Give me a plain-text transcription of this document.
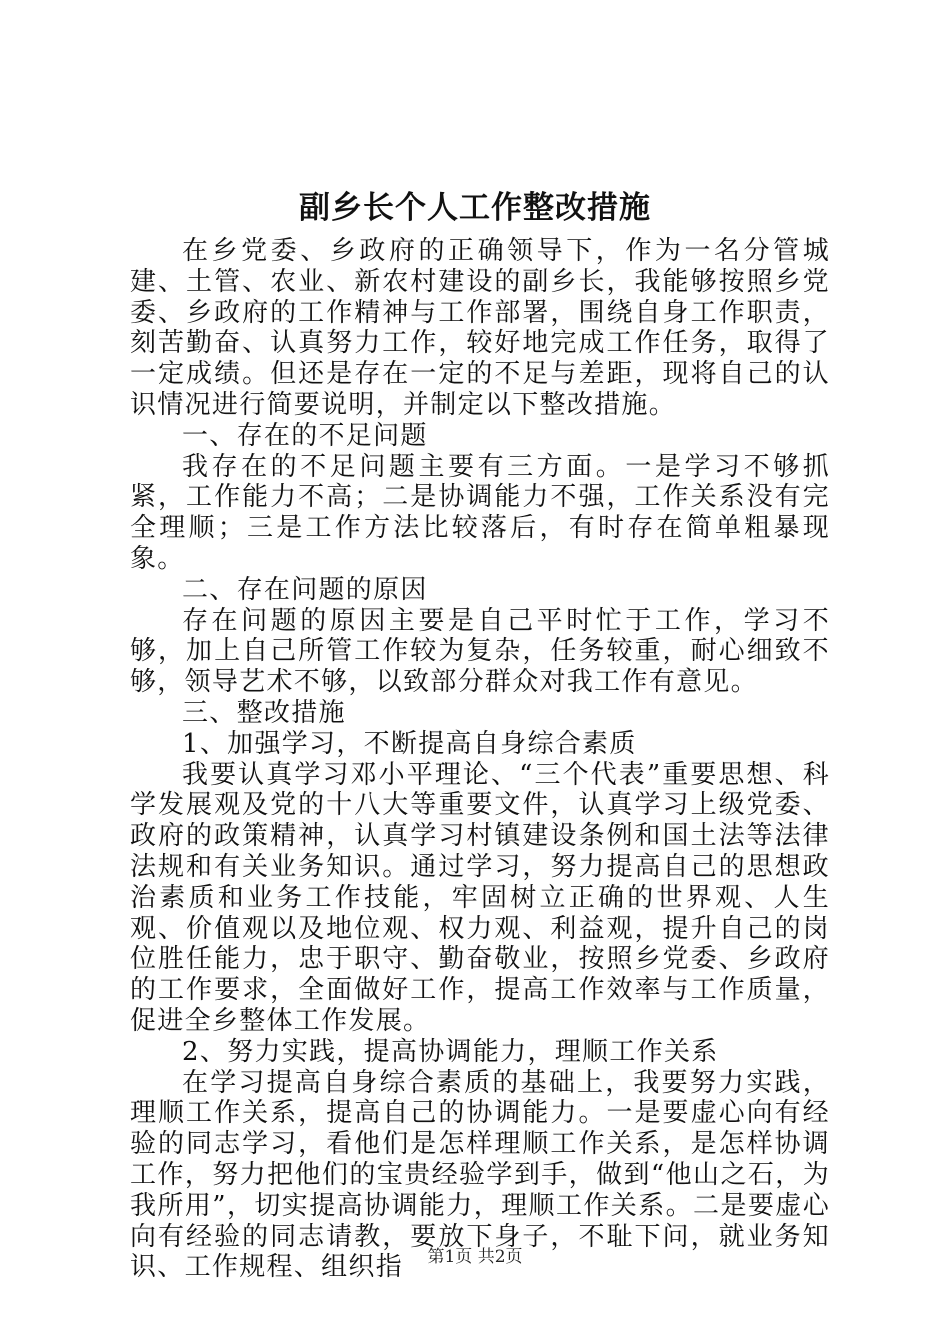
副乡长个人工作整改措施

在乡党委、乡政府的正确领导下，作为一名分管城建、土管、农业、新农村建设的副乡长，我能够按照乡党委、乡政府的工作精神与工作部署，围绕自身工作职责，刻苦勤奋、认真努力工作，较好地完成工作任务，取得了一定成绩。但还是存在一定的不足与差距，现将自己的认识情况进行简要说明，并制定以下整改措施。

一、存在的不足问题

我存在的不足问题主要有三方面。一是学习不够抓紧，工作能力不高；二是协调能力不强，工作关系没有完全理顺；三是工作方法比较落后，有时存在简单粗暴现象。

二、存在问题的原因

存在问题的原因主要是自己平时忙于工作，学习不够，加上自己所管工作较为复杂，任务较重，耐心细致不够，领导艺术不够，以致部分群众对我工作有意见。

三、整改措施

1、加强学习，不断提高自身综合素质

我要认真学习邓小平理论、“三个代表”重要思想、科学发展观及党的十八大等重要文件，认真学习上级党委、政府的政策精神，认真学习村镇建设条例和国土法等法律法规和有关业务知识。通过学习，努力提高自己的思想政治素质和业务工作技能，牢固树立正确的世界观、人生观、价值观以及地位观、权力观、利益观，提升自己的岗位胜任能力，忠于职守、勤奋敬业，按照乡党委、乡政府的工作要求，全面做好工作，提高工作效率与工作质量，促进全乡整体工作发展。

2、努力实践，提高协调能力，理顺工作关系

在学习提高自身综合素质的基础上，我要努力实践，理顺工作关系，提高自己的协调能力。一是要虚心向有经验的同志学习，看他们是怎样理顺工作关系，是怎样协调工作，努力把他们的宝贵经验学到手，做到“他山之石，为我所用”，切实提高协调能力，理顺工作关系。二是要虚心向有经验的同志请教，要放下身子，不耻下问，就业务知识、工作规程、组织指	第1页 共2页
